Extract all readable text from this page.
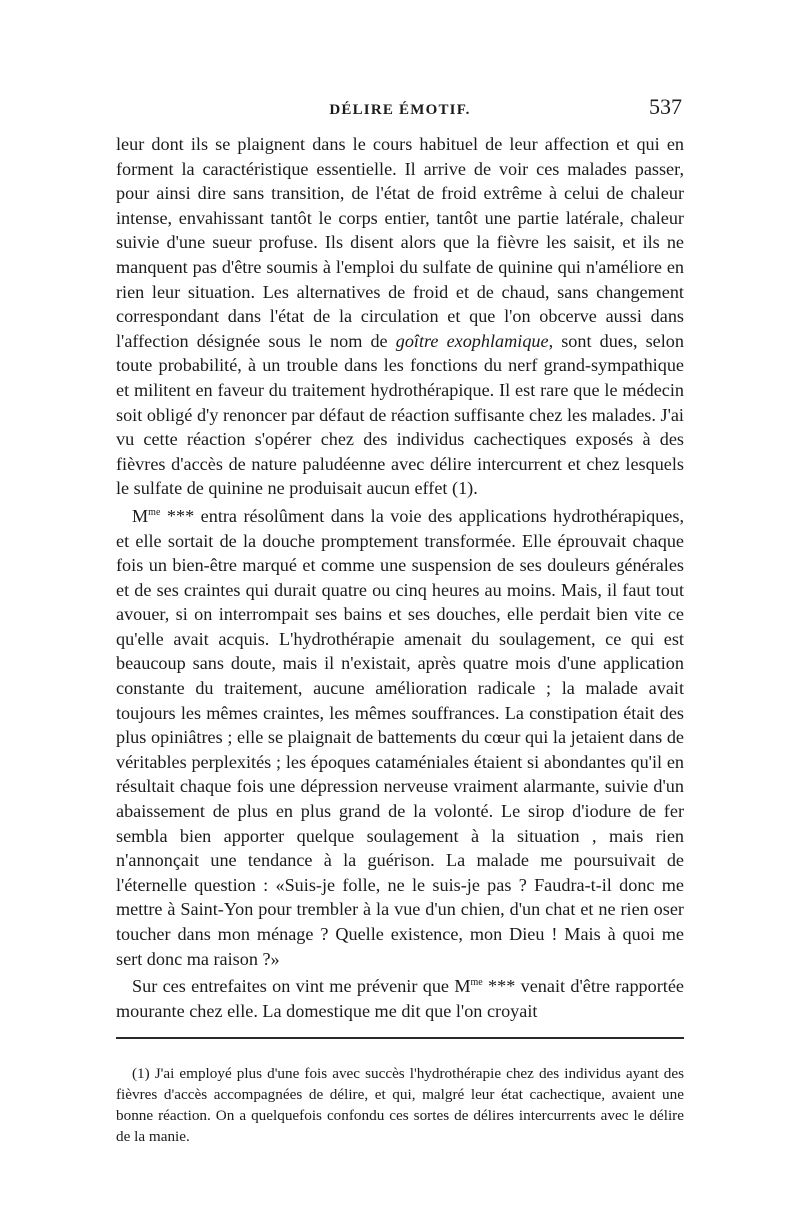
DÉLIRE ÉMOTIF.	537

leur dont ils se plaignent dans le cours habituel de leur affection et qui en forment la caractéristique essentielle. Il arrive de voir ces malades passer, pour ainsi dire sans transition, de l'état de froid extrême à celui de chaleur intense, envahissant tantôt le corps entier, tantôt une partie latérale, chaleur suivie d'une sueur profuse. Ils disent alors que la fièvre les saisit, et ils ne manquent pas d'être soumis à l'emploi du sulfate de quinine qui n'améliore en rien leur situation. Les alternatives de froid et de chaud, sans changement correspondant dans l'état de la circulation et que l'on obcerve aussi dans l'affection désignée sous le nom de goître exophlamique, sont dues, selon toute probabilité, à un trouble dans les fonctions du nerf grand-sympathique et militent en faveur du traitement hydrothérapique. Il est rare que le médecin soit obligé d'y renoncer par défaut de réaction suffisante chez les malades. J'ai vu cette réaction s'opérer chez des individus cachectiques exposés à des fièvres d'accès de nature paludéenne avec délire intercurrent et chez lesquels le sulfate de quinine ne produisait aucun effet (1).

$M^{me}$ *** entra résolûment dans la voie des applications hydrothérapiques, et elle sortait de la douche promptement transformée. Elle éprouvait chaque fois un bien-être marqué et comme une suspension de ses douleurs générales et de ses craintes qui durait quatre ou cinq heures au moins. Mais, il faut tout avouer, si on interrompait ses bains et ses douches, elle perdait bien vite ce qu'elle avait acquis. L'hydrothérapie amenait du soulagement, ce qui est beaucoup sans doute, mais il n'existait, après quatre mois d'une application constante du traitement, aucune amélioration radicale ; la malade avait toujours les mêmes craintes, les mêmes souffrances. La constipation était des plus opiniâtres ; elle se plaignait de battements du cœur qui la jetaient dans de véritables perplexités ; les époques cataméniales étaient si abondantes qu'il en résultait chaque fois une dépression nerveuse vraiment alarmante, suivie d'un abaissement de plus en plus grand de la volonté. Le sirop d'iodure de fer sembla bien apporter quelque soulagement à la situation , mais rien n'annonçait une tendance à la guérison. La malade me poursuivait de l'éternelle question : «Suis-je folle, ne le suis-je pas ? Faudra-t-il donc me mettre à Saint-Yon pour trembler à la vue d'un chien, d'un chat et ne rien oser toucher dans mon ménage ? Quelle existence, mon Dieu ! Mais à quoi me sert donc ma raison ?»

Sur ces entrefaites on vint me prévenir que $M^{me}$ *** venait d'être rapportée mourante chez elle. La domestique me dit que l'on croyait

(1) J'ai employé plus d'une fois avec succès l'hydrothérapie chez des individus ayant des fièvres d'accès accompagnées de délire, et qui, malgré leur état cachectique, avaient une bonne réaction. On a quelquefois confondu ces sortes de délires intercurrents avec le délire de la manie.
